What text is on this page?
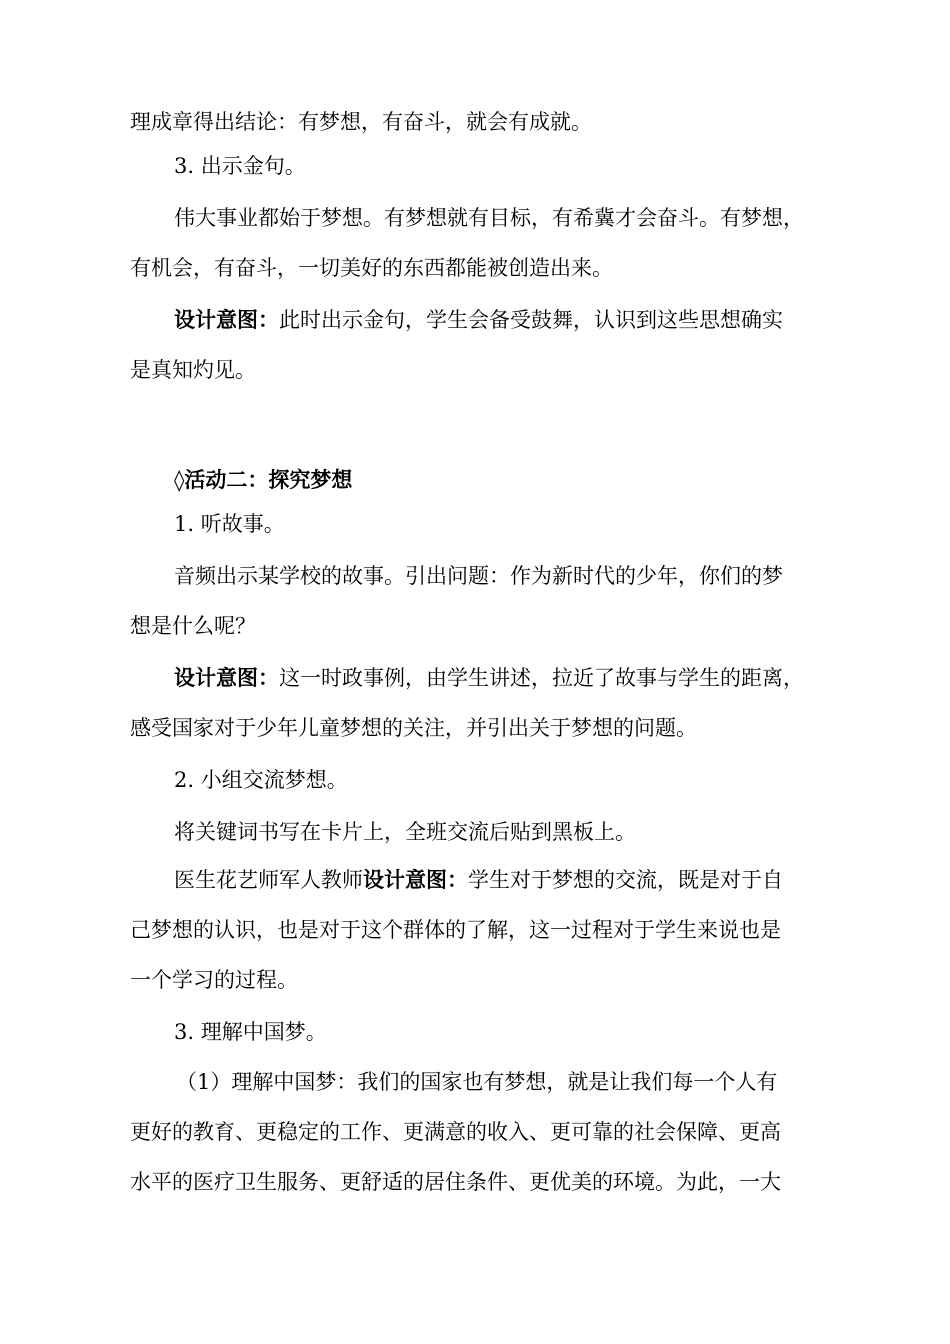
理成章得出结论：有梦想，有奋斗，就会有成就。
3. 出示金句。
伟大事业都始于梦想。有梦想就有目标，有希冀才会奋斗。有梦想，
有机会，有奋斗，一切美好的东西都能被创造出来。
设计意图：此时出示金句，学生会备受鼓舞，认识到这些思想确实
是真知灼见。
◊活动二：探究梦想
1. 听故事。
音频出示某学校的故事。引出问题：作为新时代的少年，你们的梦
想是什么呢？
设计意图：这一时政事例，由学生讲述，拉近了故事与学生的距离，
感受国家对于少年儿童梦想的关注，并引出关于梦想的问题。
2. 小组交流梦想。
将关键词书写在卡片上，全班交流后贴到黑板上。
医生花艺师军人教师设计意图：学生对于梦想的交流，既是对于自
己梦想的认识，也是对于这个群体的了解，这一过程对于学生来说也是
一个学习的过程。
3. 理解中国梦。
（1）理解中国梦：我们的国家也有梦想，就是让我们每一个人有
更好的教育、更稳定的工作、更满意的收入、更可靠的社会保障、更高
水平的医疗卫生服务、更舒适的居住条件、更优美的环境。为此，一大
